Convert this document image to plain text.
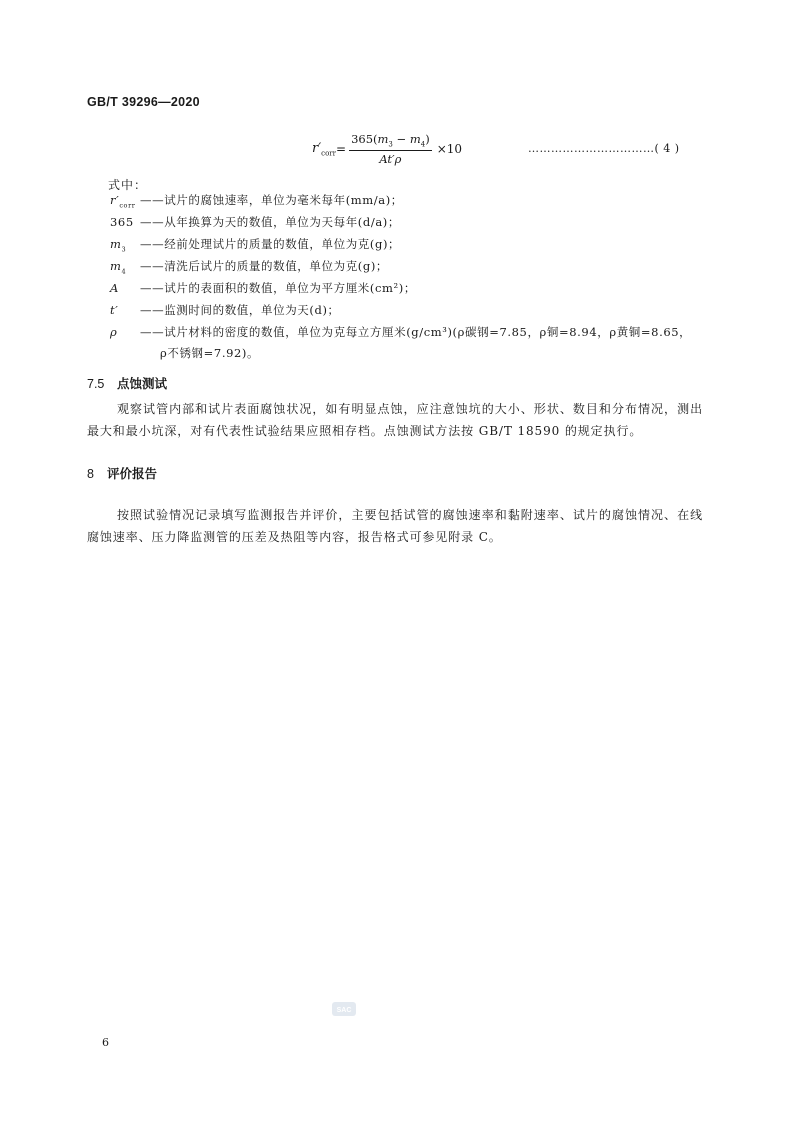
GB/T 39296—2020
$r'_{corr} = \frac{365(m_3 - m_4)}{At'\rho} \times 10$	……………………………( 4 )
式中：
$r'_{corr}$ ——试片的腐蚀速率，单位为毫米每年(mm/a)；
365 ——从年换算为天的数值，单位为天每年(d/a)；
$m_3$ ——经前处理试片的质量的数值，单位为克(g)；
$m_4$ ——清洗后试片的质量的数值，单位为克(g)；
A ——试片的表面积的数值，单位为平方厘米(cm²)；
t′ ——监测时间的数值，单位为天(d)；
ρ ——试片材料的密度的数值，单位为克每立方厘米(g/cm³)(ρ碳钢=7.85，ρ铜=8.94，ρ黄铜=8.65，
ρ不锈钢=7.92)。
7.5 点蚀测试
观察试管内部和试片表面腐蚀状况，如有明显点蚀，应注意蚀坑的大小、形状、数目和分布情况，测出最大和最小坑深，对有代表性试验结果应照相存档。点蚀测试方法按 GB/T 18590 的规定执行。
8 评价报告
按照试验情况记录填写监测报告并评价，主要包括试管的腐蚀速率和黏附速率、试片的腐蚀情况、在线腐蚀速率、压力降监测管的压差及热阻等内容，报告格式可参见附录 C。
SAC
6
